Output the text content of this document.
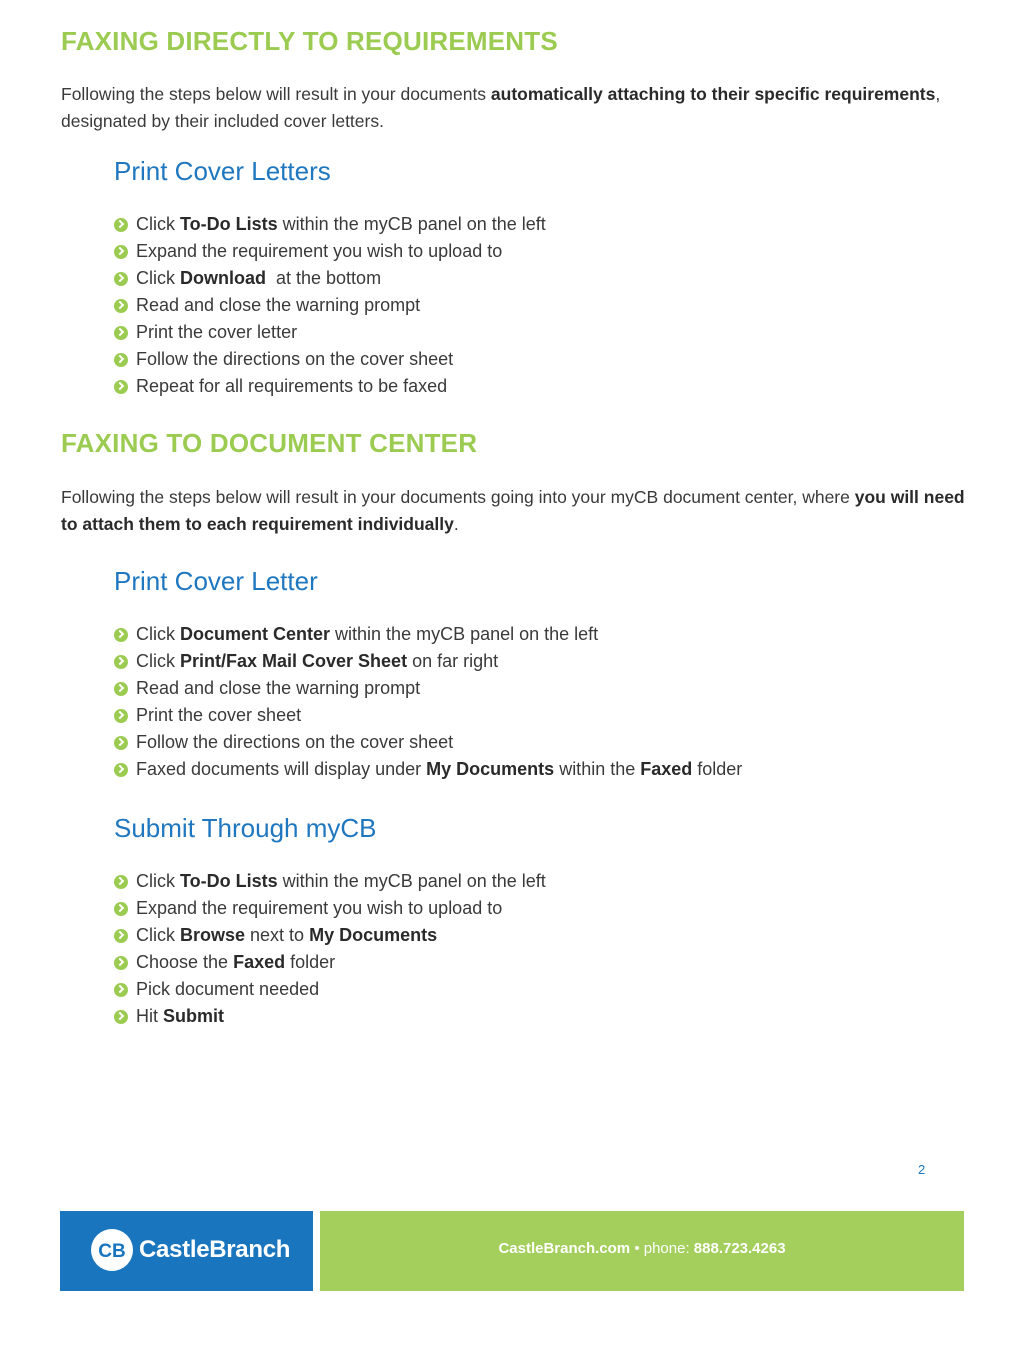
FAXING DIRECTLY TO REQUIREMENTS

Following the steps below will result in your documents automatically attaching to their specific requirements, designated by their included cover letters.

Print Cover Letters
Click To-Do Lists within the myCB panel on the left
Expand the requirement you wish to upload to
Click Download  at the bottom
Read and close the warning prompt
Print the cover letter
Follow the directions on the cover sheet
Repeat for all requirements to be faxed
FAXING TO DOCUMENT CENTER

Following the steps below will result in your documents going into your myCB document center, where you will need to attach them to each requirement individually.

Print Cover Letter
Click Document Center within the myCB panel on the left
Click Print/Fax Mail Cover Sheet on far right
Read and close the warning prompt
Print the cover sheet
Follow the directions on the cover sheet
Faxed documents will display under My Documents within the Faxed folder
Submit Through myCB
Click To-Do Lists within the myCB panel on the left
Expand the requirement you wish to upload to
Click Browse next to My Documents
Choose the Faxed folder
Pick document needed
Hit Submit
2
CB CastleBranch	CastleBranch.com • phone: 888.723.4263
